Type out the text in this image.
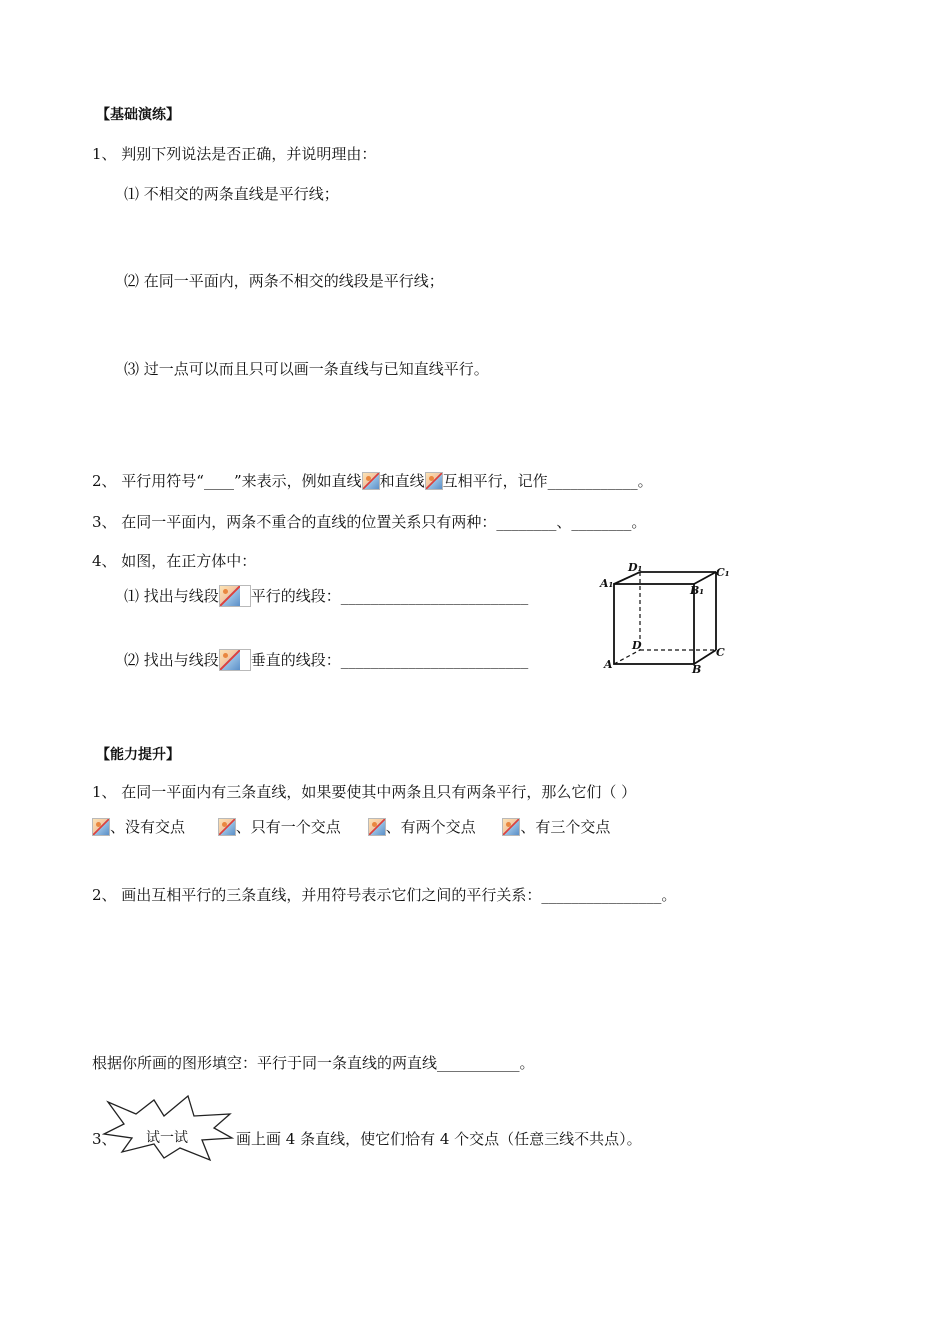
【基础演练】
1、 判别下列说法是否正确，并说明理由：
⑴ 不相交的两条直线是平行线；
⑵ 在同一平面内，两条不相交的线段是平行线；
⑶ 过一点可以而且只可以画一条直线与已知直线平行。
2、 平行用符号“____”来表示，例如直线 和直线 互相平行，记作____________。
3、 在同一平面内，两条不重合的直线的位置关系只有两种：________、________。
4、 如图，在正方体中：
⑴ 找出与线段 平行的线段：_________________________
⑵ 找出与线段 垂直的线段：_________________________
D₁	C₁
A₁
B₁
D
C
A	B
【能力提升】
1、 在同一平面内有三条直线，如果要使其中两条且只有两条平行，那么它们（ ）
、没有交点	、只有一个交点	、有两个交点	、有三个交点
2、 画出互相平行的三条直线，并用符号表示它们之间的平行关系：________________。
根据你所画的图形填空：平行于同一条直线的两直线___________。
3、 试一试	画上画 4 条直线，使它们恰有 4 个交点（任意三线不共点）。
